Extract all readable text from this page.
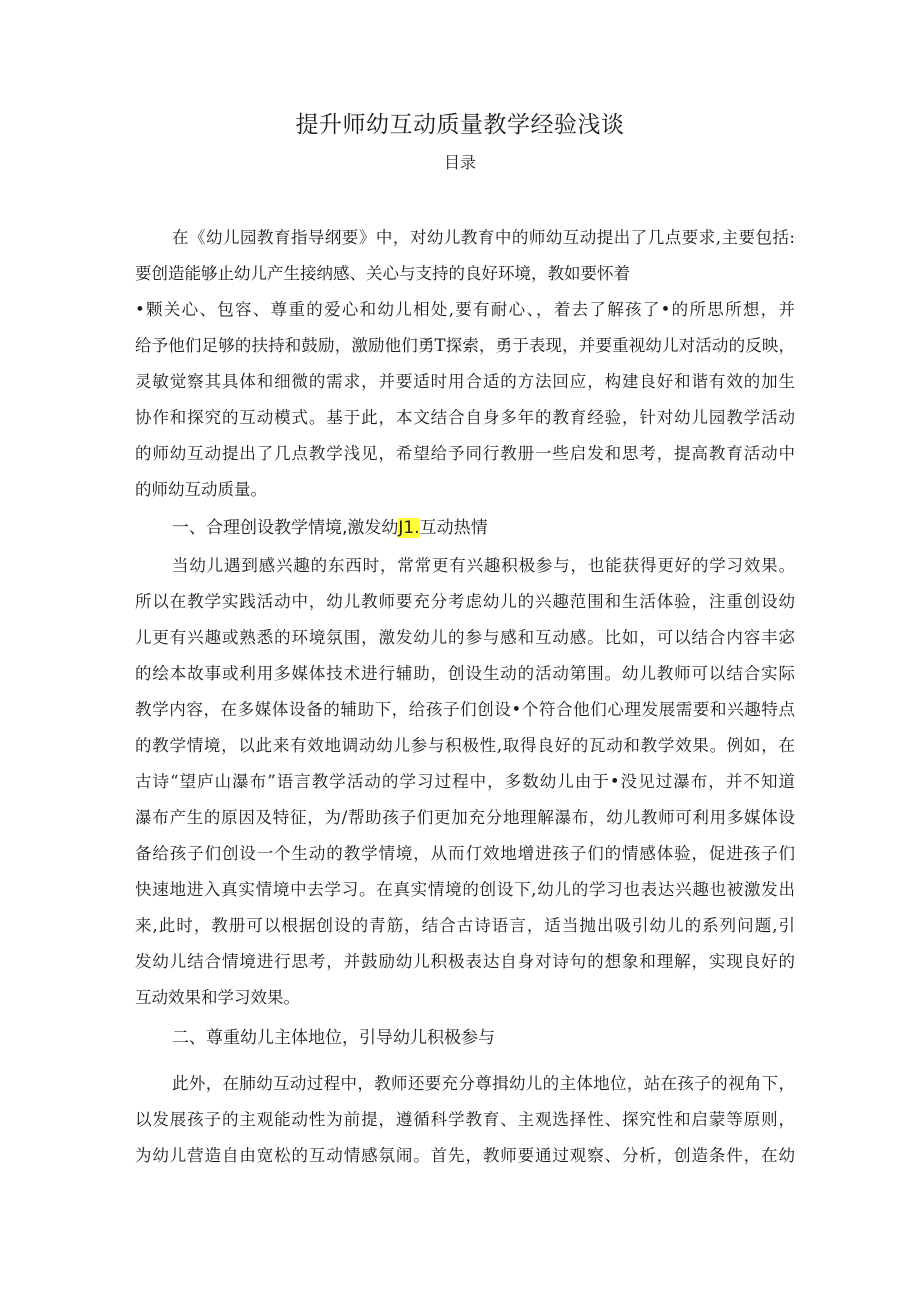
提升师幼互动质量教学经验浅谈
目录
在《幼儿园教育指导纲要》中，对幼儿教育中的师幼互动提出了几点要求,主要包括:
要创造能够止幼儿产生接纳感、关心与支持的良好环境，教如要怀着
•颗关心、包容、尊重的爱心和幼儿相处,要有耐心、，着去了解孩了•的所思所想，并
给予他们足够的扶持和鼓励，激励他们勇T探索，勇于表现，并要重视幼儿对活动的反映，
灵敏觉察其具体和细微的需求，并要适时用合适的方法回应，构建良好和谐有效的加生
协作和探究的互动模式。基于此，本文结合自身多年的教育经验，针对幼儿园教学活动
的师幼互动提出了几点教学浅见，希望给予同行教册一些启发和思考，提高教育活动中
的师幼互动质量。
一、合理创设教学情境,激发幼J1.互动热情
当幼儿遇到感兴趣的东西时，常常更有兴趣积极参与，也能获得更好的学习效果。
所以在教学实践活动中，幼儿教师要充分考虑幼儿的兴趣范围和生活体验，注重创设幼
儿更有兴趣或熟悉的环境氛围，激发幼儿的参与感和互动感。比如，可以结合内容丰宓
的绘本故事或利用多媒体技术进行辅助，创设生动的活动第围。幼儿教师可以结合实际
教学内容，在多媒体设备的辅助下，给孩子们创设•个符合他们心理发展需要和兴趣特点
的教学情境，以此来有效地调动幼儿参与积极性,取得良好的瓦动和教学效果。例如，在
古诗“望庐山瀑布”语言教学活动的学习过程中，多数幼儿由于•没见过瀑布，并不知道
瀑布产生的原因及特征，为/帮助孩子们更加充分地理解瀑布，幼儿教师可利用多媒体设
备给孩子们创设一个生动的教学情境，从而仃效地增进孩子们的情感体验，促进孩子们
快速地进入真实情境中去学习。在真实情境的创设下,幼儿的学习也表达兴趣也被激发出
来,此时，教册可以根据创设的青筋，结合古诗语言，适当抛出吸引幼儿的系列问题,引
发幼儿结合情境进行思考，并鼓励幼儿积极表达自身对诗句的想象和理解，实现良好的
互动效果和学习效果。
二、尊重幼儿主体地位，引导幼儿积极参与
此外，在肺幼互动过程中，教师还要充分尊揖幼儿的主体地位，站在孩子的视角下，
以发展孩子的主观能动性为前提，遵循科学教育、主观选择性、探究性和启蒙等原则，
为幼儿营造自由宽松的互动情感氛闹。首先，教师要通过观察、分析，创造条件，在幼
